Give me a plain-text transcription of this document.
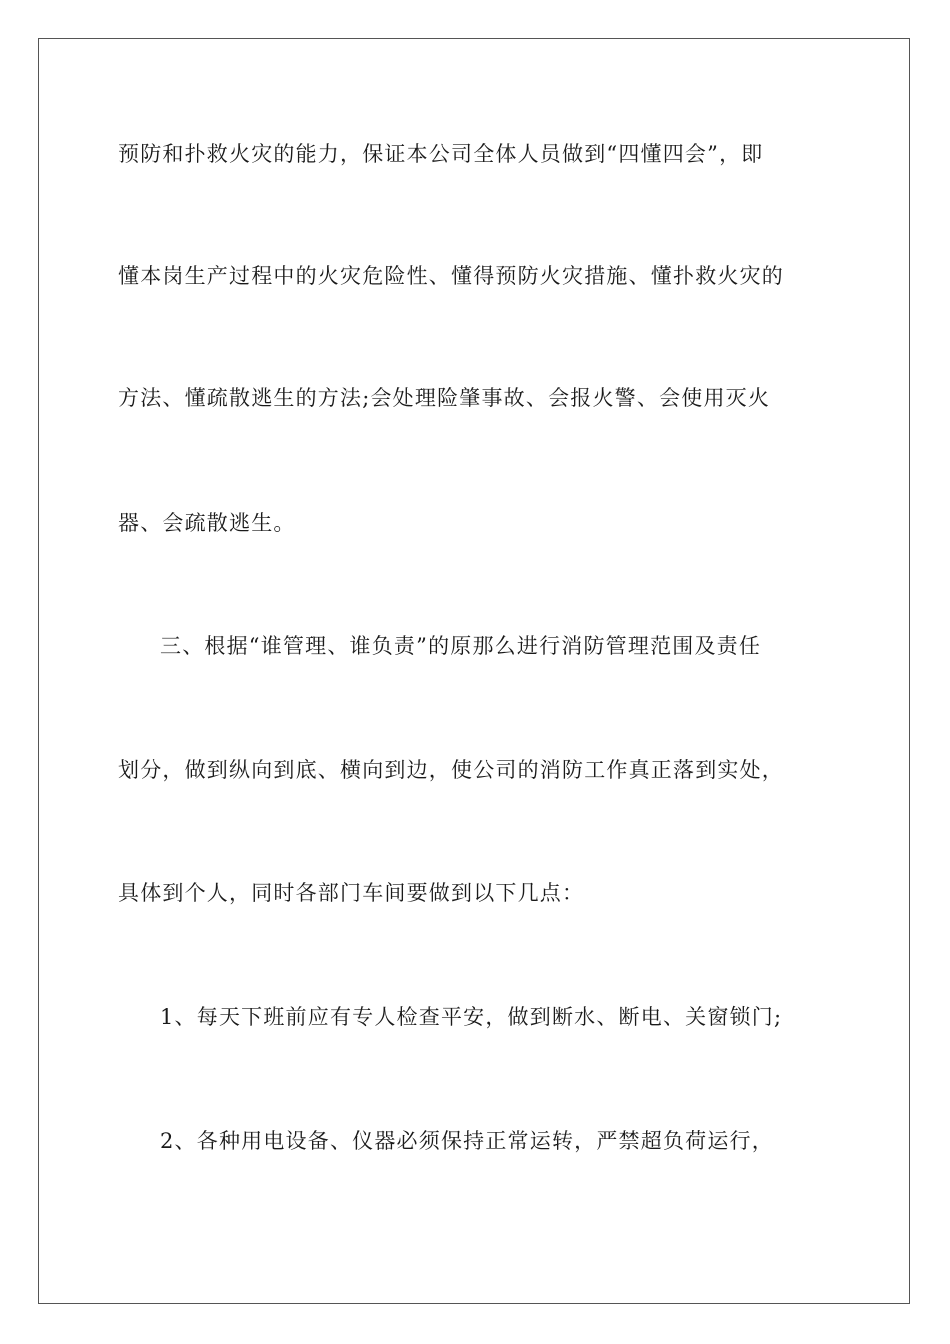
预防和扑救火灾的能力，保证本公司全体人员做到“四懂四会”，即
懂本岗生产过程中的火灾危险性、懂得预防火灾措施、懂扑救火灾的
方法、懂疏散逃生的方法;会处理险肇事故、会报火警、会使用灭火
器、会疏散逃生。
三、根据“谁管理、谁负责”的原那么进行消防管理范围及责任
划分，做到纵向到底、横向到边，使公司的消防工作真正落到实处，
具体到个人，同时各部门车间要做到以下几点：
1、每天下班前应有专人检查平安，做到断水、断电、关窗锁门;
2、各种用电设备、仪器必须保持正常运转，严禁超负荷运行，
